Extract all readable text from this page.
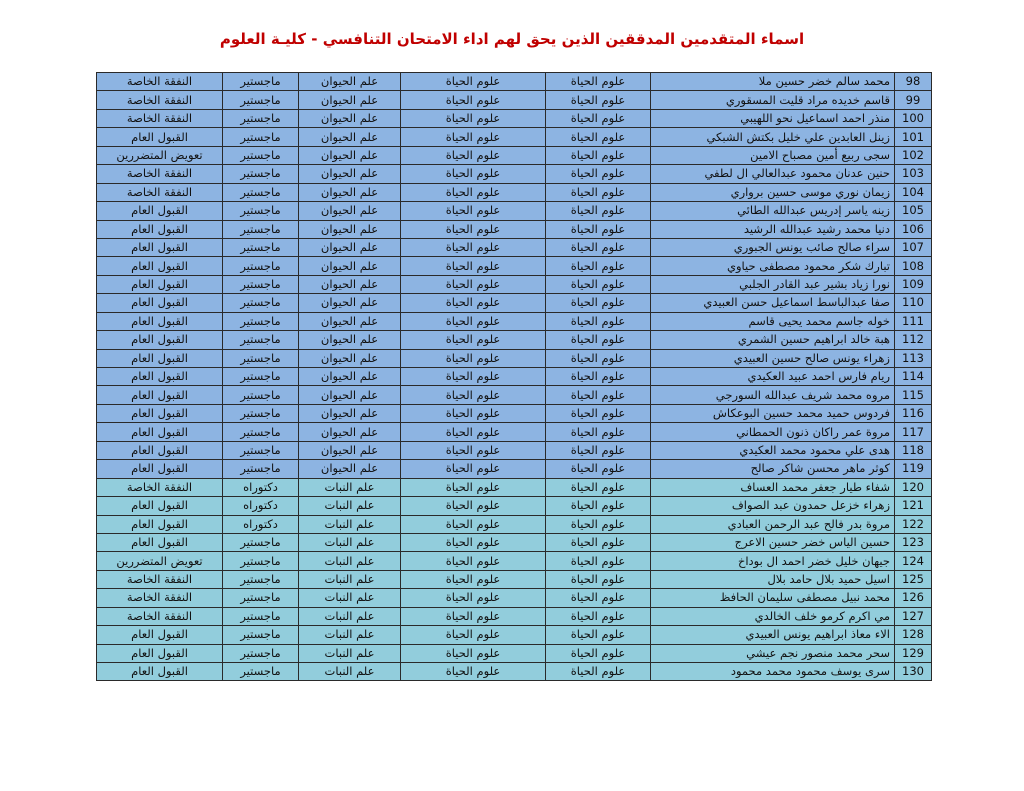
اسماء المتقدمين المدققين الذين يحق لهم اداء الامتحان التنافسي - كليـة العلوم
98	محمد سالم خضر حسين ملا	علوم الحياة	علوم الحياة	علم الحيوان	ماجستير	النفقة الخاصة
99	قاسم خديده مراد قليت المسقوري	علوم الحياة	علوم الحياة	علم الحيوان	ماجستير	النفقة الخاصة
100	منذر احمد اسماعيل نحو اللهيبي	علوم الحياة	علوم الحياة	علم الحيوان	ماجستير	النفقة الخاصة
101	زينل العابدين علي خليل بكتش الشبكي	علوم الحياة	علوم الحياة	علم الحيوان	ماجستير	القبول العام
102	سجى ربيع أمين مصباح الامين	علوم الحياة	علوم الحياة	علم الحيوان	ماجستير	تعويض المتضررين
103	حنين عدنان محمود عبدالعالي ال لطفي	علوم الحياة	علوم الحياة	علم الحيوان	ماجستير	النفقة الخاصة
104	زيمان نوري موسى حسين برواري	علوم الحياة	علوم الحياة	علم الحيوان	ماجستير	النفقة الخاصة
105	زينه ياسر إدريس عبدالله الطائي	علوم الحياة	علوم الحياة	علم الحيوان	ماجستير	القبول العام
106	دنيا محمد رشيد عبدالله الرشيد	علوم الحياة	علوم الحياة	علم الحيوان	ماجستير	القبول العام
107	سراء صالح صائب يونس الجبوري	علوم الحياة	علوم الحياة	علم الحيوان	ماجستير	القبول العام
108	تبارك شكر محمود مصطفى حياوي	علوم الحياة	علوم الحياة	علم الحيوان	ماجستير	القبول العام
109	نورا زياد بشير عبد القادر الجلبي	علوم الحياة	علوم الحياة	علم الحيوان	ماجستير	القبول العام
110	صفا عبدالباسط اسماعيل حسن العبيدي	علوم الحياة	علوم الحياة	علم الحيوان	ماجستير	القبول العام
111	خوله جاسم محمد يحيى قاسم	علوم الحياة	علوم الحياة	علم الحيوان	ماجستير	القبول العام
112	هبة خالد ابراهيم حسين الشمري	علوم الحياة	علوم الحياة	علم الحيوان	ماجستير	القبول العام
113	زهراء يونس صالح حسين العبيدي	علوم الحياة	علوم الحياة	علم الحيوان	ماجستير	القبول العام
114	ريام فارس احمد عبيد العكيدي	علوم الحياة	علوم الحياة	علم الحيوان	ماجستير	القبول العام
115	مروه محمد شريف عبدالله السورجي	علوم الحياة	علوم الحياة	علم الحيوان	ماجستير	القبول العام
116	فردوس حميد محمد حسين البوعكاش	علوم الحياة	علوم الحياة	علم الحيوان	ماجستير	القبول العام
117	مروة عمر راكان ذنون الحمطاني	علوم الحياة	علوم الحياة	علم الحيوان	ماجستير	القبول العام
118	هدى علي محمود محمد العكيدي	علوم الحياة	علوم الحياة	علم الحيوان	ماجستير	القبول العام
119	كوثر ماهر محسن شاكر صالح	علوم الحياة	علوم الحياة	علم الحيوان	ماجستير	القبول العام
120	شفاء طيار جعفر محمد العساف	علوم الحياة	علوم الحياة	علم النبات	دكتوراه	النفقة الخاصة
121	زهراء خزعل حمدون عبد الصواف	علوم الحياة	علوم الحياة	علم النبات	دكتوراه	القبول العام
122	مروة بدر فالح عبد الرحمن العبادي	علوم الحياة	علوم الحياة	علم النبات	دكتوراه	القبول العام
123	حسين الياس خضر حسين الاعرج	علوم الحياة	علوم الحياة	علم النبات	ماجستير	القبول العام
124	جيهان خليل خضر احمد ال بوداخ	علوم الحياة	علوم الحياة	علم النبات	ماجستير	تعويض المتضررين
125	اسيل حميد بلال حامد بلال	علوم الحياة	علوم الحياة	علم النبات	ماجستير	النفقة الخاصة
126	محمد نبيل مصطفى سليمان الحافظ	علوم الحياة	علوم الحياة	علم النبات	ماجستير	النفقة الخاصة
127	مي اكرم كرمو خلف الخالدي	علوم الحياة	علوم الحياة	علم النبات	ماجستير	النفقة الخاصة
128	الاء معاذ ابراهيم يونس العبيدي	علوم الحياة	علوم الحياة	علم النبات	ماجستير	القبول العام
129	سحر محمد منصور نجم عيشي	علوم الحياة	علوم الحياة	علم النبات	ماجستير	القبول العام
130	سرى يوسف محمود محمد محمود	علوم الحياة	علوم الحياة	علم النبات	ماجستير	القبول العام
